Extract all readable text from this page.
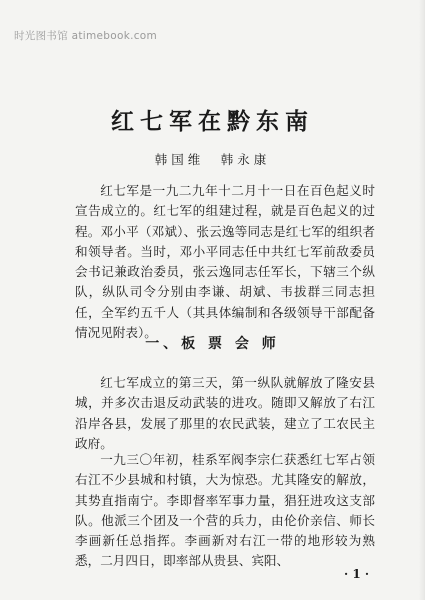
时光图书馆 atimebook.com
红七军在黔东南
韩国维　韩永康

红七军是一九二九年十二月十一日在百色起义时宣告成立的。红七军的组建过程，就是百色起义的过程。邓小平（邓斌）、张云逸等同志是红七军的组织者和领导者。当时，邓小平同志任中共红七军前敌委员会书记兼政治委员，张云逸同志任军长，下辖三个纵队，纵队司令分别由李谦、胡斌、韦拔群三同志担任，全军约五千人（其具体编制和各级领导干部配备情况见附表）。

一、板 票 会 师

红七军成立的第三天，第一纵队就解放了隆安县城，并多次击退反动武装的进攻。随即又解放了右江沿岸各县，发展了那里的农民武装，建立了工农民主政府。

一九三〇年初，桂系军阀李宗仁获悉红七军占领右江不少县城和村镇，大为惊恐。尤其隆安的解放，其势直指南宁。李即督率军事力量，猖狂进攻这支部队。他派三个团及一个营的兵力，由伦价亲信、师长李画新任总指挥。李画新对右江一带的地形较为熟悉，二月四日，即率部从贵县、宾阳、

· 1 ·
